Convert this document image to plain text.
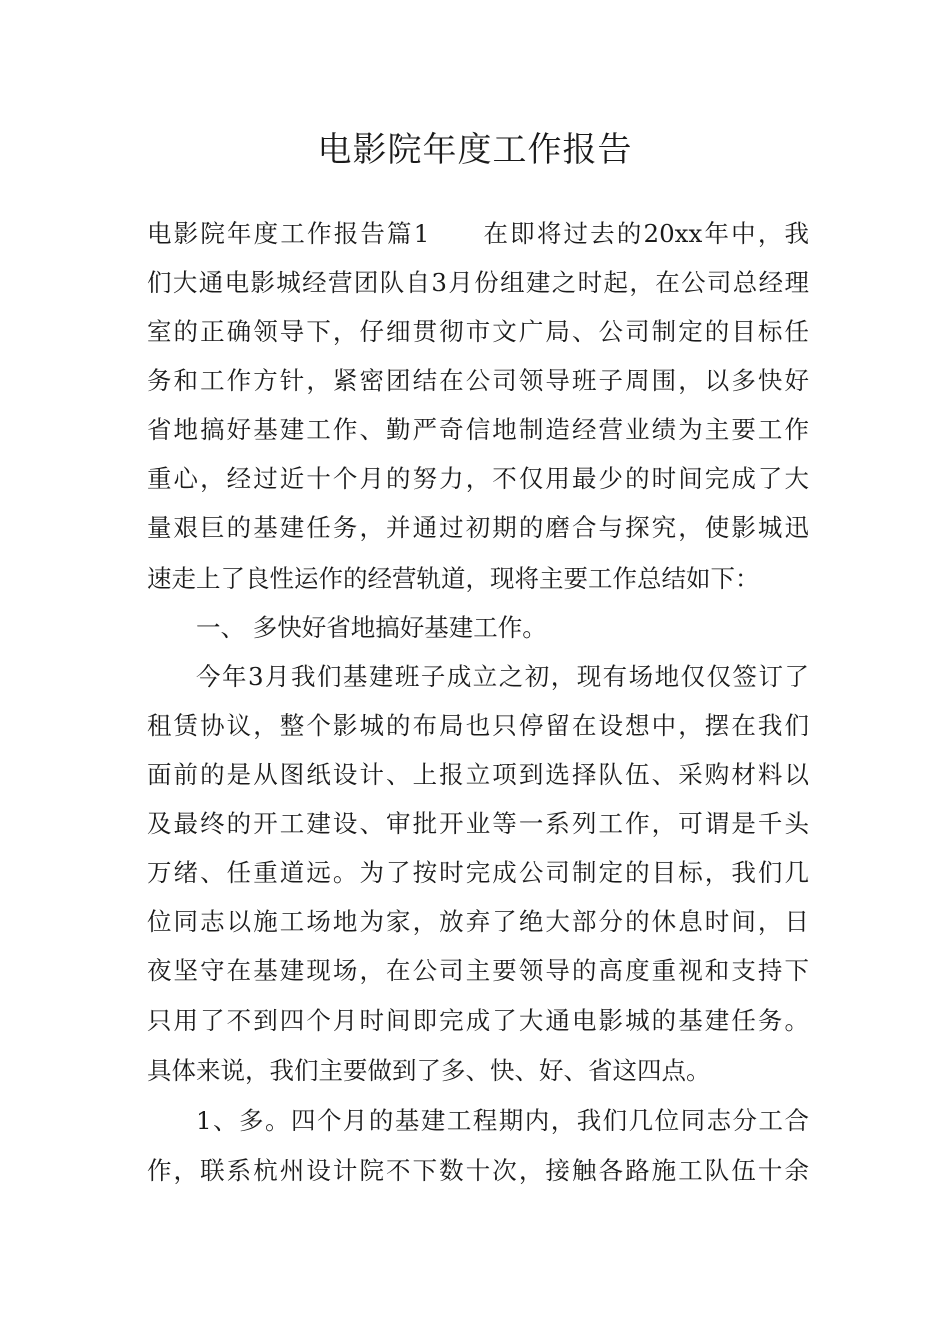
电影院年度工作报告

电影院年度工作报告篇1 在即将过去的20xx年中，我

们大通电影城经营团队自3月份组建之时起，在公司总经理

室的正确领导下，仔细贯彻市文广局、公司制定的目标任

务和工作方针，紧密团结在公司领导班子周围，以多快好

省地搞好基建工作、勤严奇信地制造经营业绩为主要工作

重心，经过近十个月的努力，不仅用最少的时间完成了大

量艰巨的基建任务，并通过初期的磨合与探究，使影城迅

速走上了良性运作的经营轨道，现将主要工作总结如下：

一、 多快好省地搞好基建工作。

今年3月我们基建班子成立之初，现有场地仅仅签订了

租赁协议，整个影城的布局也只停留在设想中，摆在我们

面前的是从图纸设计、上报立项到选择队伍、采购材料以

及最终的开工建设、审批开业等一系列工作，可谓是千头

万绪、任重道远。为了按时完成公司制定的目标，我们几

位同志以施工场地为家，放弃了绝大部分的休息时间，日

夜坚守在基建现场，在公司主要领导的高度重视和支持下

只用了不到四个月时间即完成了大通电影城的基建任务。

具体来说，我们主要做到了多、快、好、省这四点。

1、多。四个月的基建工程期内，我们几位同志分工合

作，联系杭州设计院不下数十次，接触各路施工队伍十余
